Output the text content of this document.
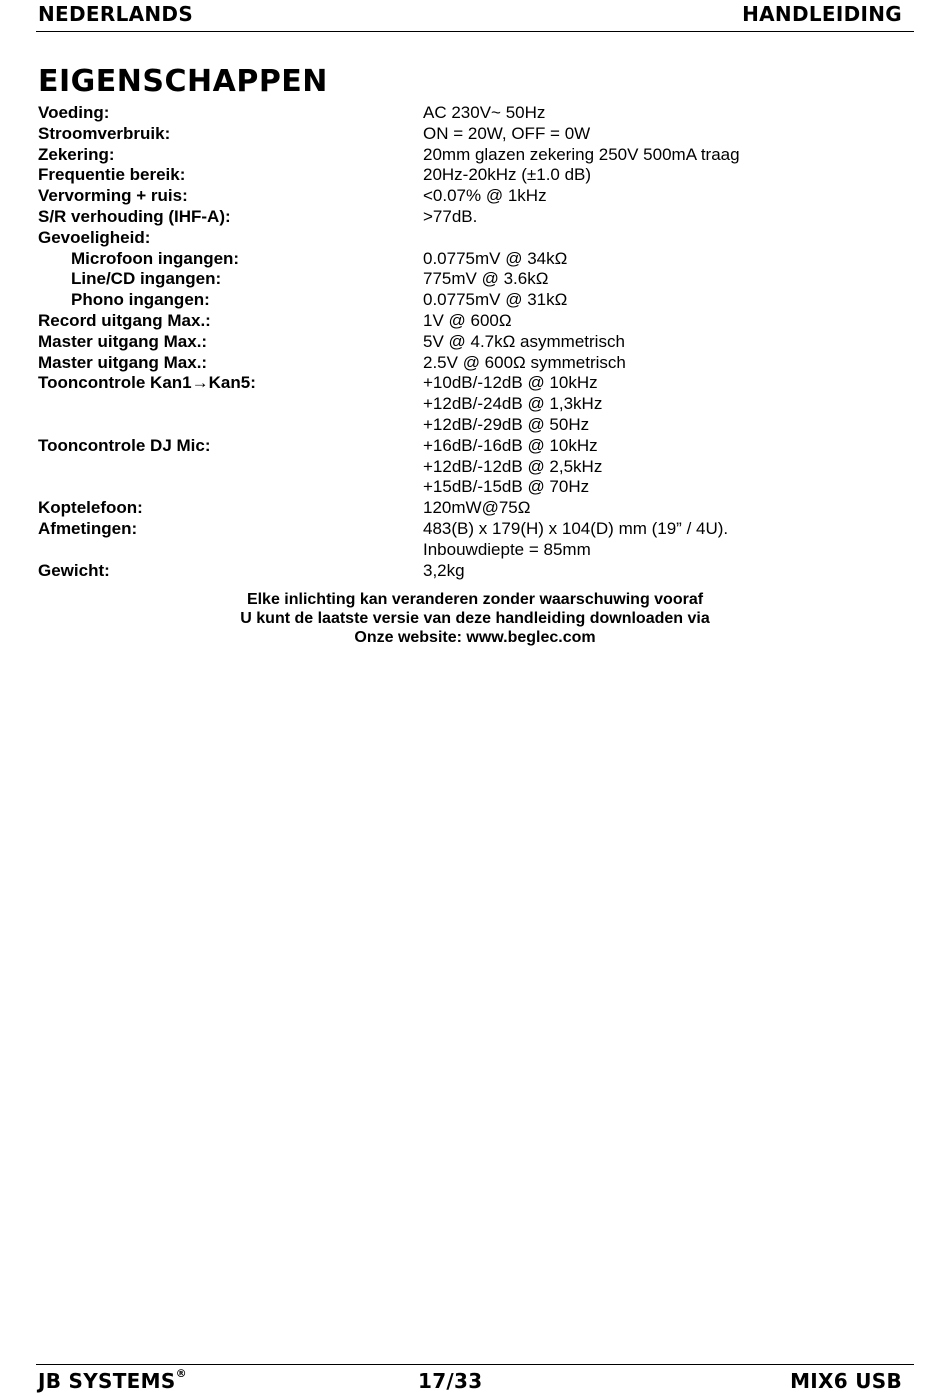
NEDERLANDS	HANDLEIDING
EIGENSCHAPPEN
Voeding:	AC 230V~ 50Hz
Stroomverbruik:	ON = 20W, OFF = 0W
Zekering:	20mm glazen zekering 250V 500mA traag
Frequentie bereik:	20Hz-20kHz (±1.0 dB)
Vervorming + ruis:	<0.07% @ 1kHz
S/R verhouding (IHF-A):	>77dB.
Gevoeligheid:
Microfoon ingangen:	0.0775mV @ 34kΩ
Line/CD ingangen:	775mV @ 3.6kΩ
Phono ingangen:	0.0775mV @ 31kΩ
Record uitgang Max.:	1V @ 600Ω
Master uitgang Max.:	5V @ 4.7kΩ asymmetrisch
Master uitgang Max.:	2.5V @ 600Ω symmetrisch
Tooncontrole Kan1→Kan5:	+10dB/-12dB @ 10kHz
+12dB/-24dB @ 1,3kHz
+12dB/-29dB @ 50Hz
Tooncontrole DJ Mic:	+16dB/-16dB @ 10kHz
+12dB/-12dB @ 2,5kHz
+15dB/-15dB @ 70Hz
Koptelefoon:	120mW@75Ω
Afmetingen:	483(B) x 179(H) x 104(D) mm (19” / 4U).
Inbouwdiepte = 85mm
Gewicht:	3,2kg
Elke inlichting kan veranderen zonder waarschuwing vooraf
U kunt de laatste versie van deze handleiding downloaden via
Onze website: www.beglec.com
JB SYSTEMS®	17/33	MIX6 USB
